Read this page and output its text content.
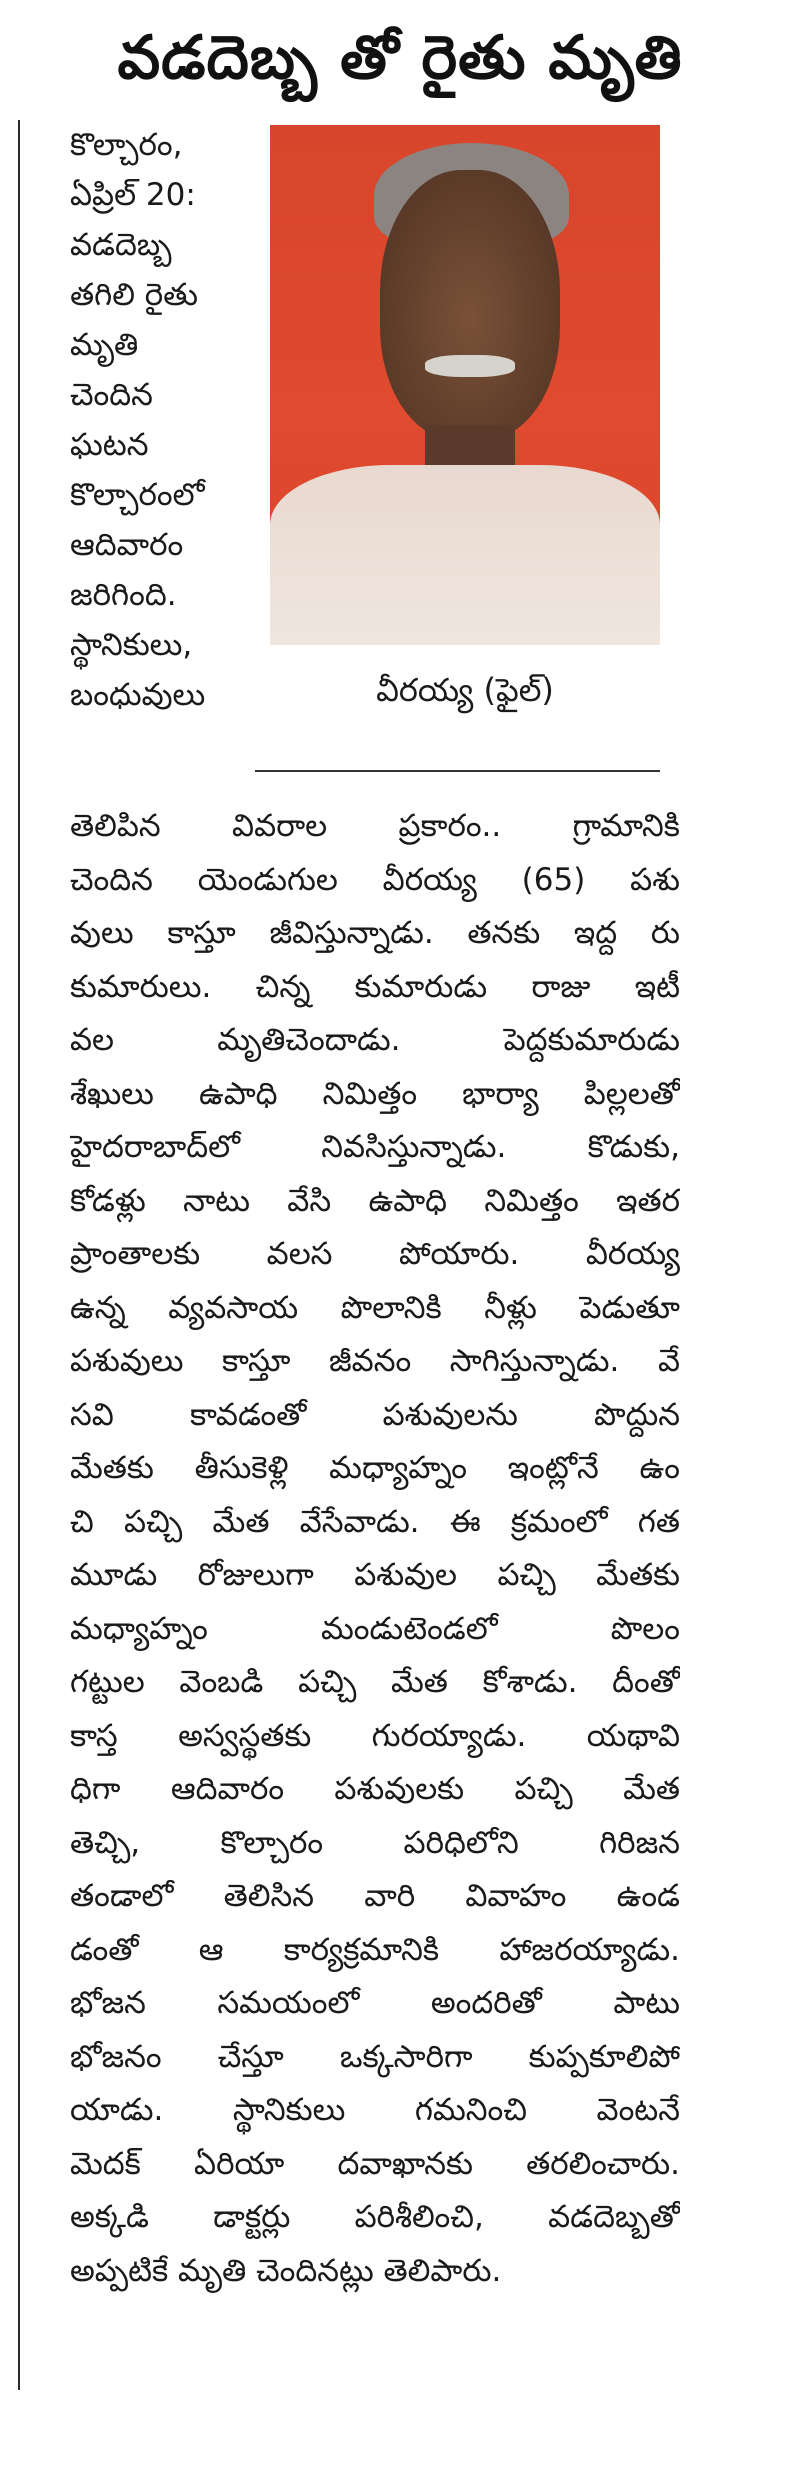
వడదెబ్బ తో రైతు మృతి
కొల్చారం,
ఏప్రిల్ 20:
వడదెబ్బ
తగిలి రైతు
మృతి
చెందిన
ఘటన
కొల్చారంలో
ఆదివారం
జరిగింది.
స్థానికులు,
బంధువులు	వీరయ్య (ఫైల్)
తెలిపిన వివరాల ప్రకారం.. గ్రామానికి
చెందిన యెండుగుల వీరయ్య (65) పశు
వులు కాస్తూ జీవిస్తున్నాడు. తనకు ఇద్ద రు
కుమారులు. చిన్న కుమారుడు రాజు ఇటీ
వల మృతిచెందాడు. పెద్దకుమారుడు
శేఖులు ఉపాధి నిమిత్తం భార్యా పిల్లలతో
హైదరాబాద్‌లో నివసిస్తున్నాడు. కొడుకు,
కోడళ్లు నాటు వేసి ఉపాధి నిమిత్తం ఇతర
ప్రాంతాలకు వలస పోయారు. వీరయ్య
ఉన్న వ్యవసాయ పొలానికి నీళ్లు పెడుతూ
పశువులు కాస్తూ జీవనం సాగిస్తున్నాడు. వే
సవి కావడంతో పశువులను పొద్దున
మేతకు తీసుకెళ్లి మధ్యాహ్నం ఇంట్లోనే ఉం
చి పచ్చి మేత వేసేవాడు. ఈ క్రమంలో గత
మూడు రోజులుగా పశువుల పచ్చి మేతకు
మధ్యాహ్నం మండుటెండలో పొలం
గట్టుల వెంబడి పచ్చి మేత కోశాడు. దీంతో
కాస్త అస్వస్థతకు గురయ్యాడు. యథావి
ధిగా ఆదివారం పశువులకు పచ్చి మేత
తెచ్చి, కొల్చారం పరిధిలోని గిరిజన
తండాలో తెలిసిన వారి వివాహం ఉండ
డంతో ఆ కార్యక్రమానికి హాజరయ్యాడు.
భోజన సమయంలో అందరితో పాటు
భోజనం చేస్తూ ఒక్కసారిగా కుప్పకూలిపో
యాడు. స్థానికులు గమనించి వెంటనే
మెదక్ ఏరియా దవాఖానకు తరలించారు.
అక్కడి డాక్టర్లు పరిశీలించి, వడదెబ్బతో
అప్పటికే మృతి చెందినట్లు తెలిపారు.
